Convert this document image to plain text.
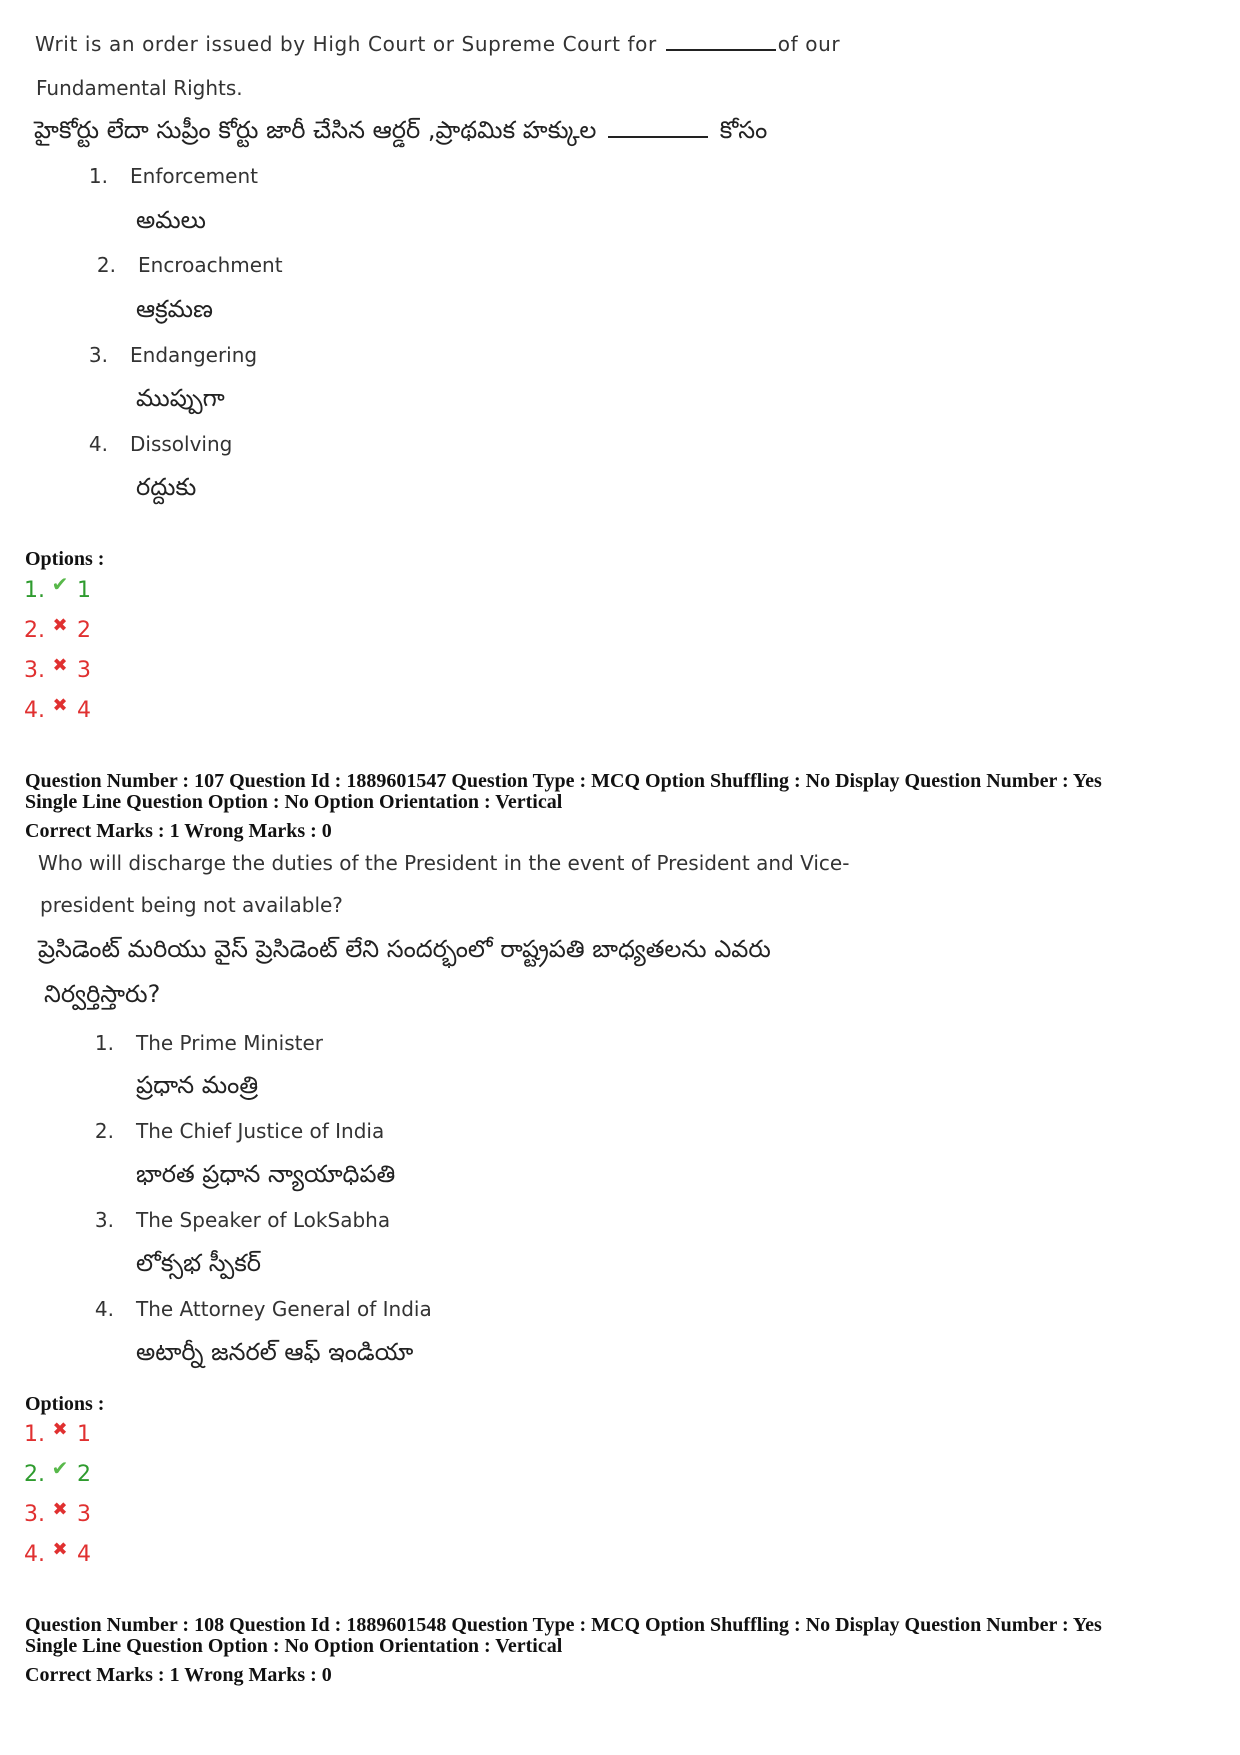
Writ is an order issued by High Court or Supreme Court for	of our
Fundamental Rights.
హైకోర్టు లేదా సుప్రీం కోర్టు జారీ చేసిన ఆర్డర్ ,ప్రాథమిక హక్కుల	కోసం
1. Enforcement
అమలు
2. Encroachment
ఆక్రమణ
3. Endangering
ముప్పుగా
4. Dissolving
రద్దుకు
Options :
1. ✔ 1
2. ✖ 2
3. ✖ 3
4. ✖ 4
Question Number : 107 Question Id : 1889601547 Question Type : MCQ Option Shuffling : No Display Question Number : Yes
Single Line Question Option : No Option Orientation : Vertical
Correct Marks : 1 Wrong Marks : 0
Who will discharge the duties of the President in the event of President and Vice-
president being not available?
ప్రెసిడెంట్ మరియు వైస్ ప్రెసిడెంట్ లేని సందర్భంలో రాష్ట్రపతి బాధ్యతలను ఎవరు
నిర్వర్తిస్తారు?
1. The Prime Minister
ప్రధాన మంత్రి
2. The Chief Justice of India
భారత ప్రధాన న్యాయాధిపతి
3. The Speaker of LokSabha
లోక్సభ స్పీకర్
4. The Attorney General of India
అటార్నీ జనరల్ ఆఫ్ ఇండియా
Options :
1. ✖ 1
2. ✔ 2
3. ✖ 3
4. ✖ 4
Question Number : 108 Question Id : 1889601548 Question Type : MCQ Option Shuffling : No Display Question Number : Yes
Single Line Question Option : No Option Orientation : Vertical
Correct Marks : 1 Wrong Marks : 0
